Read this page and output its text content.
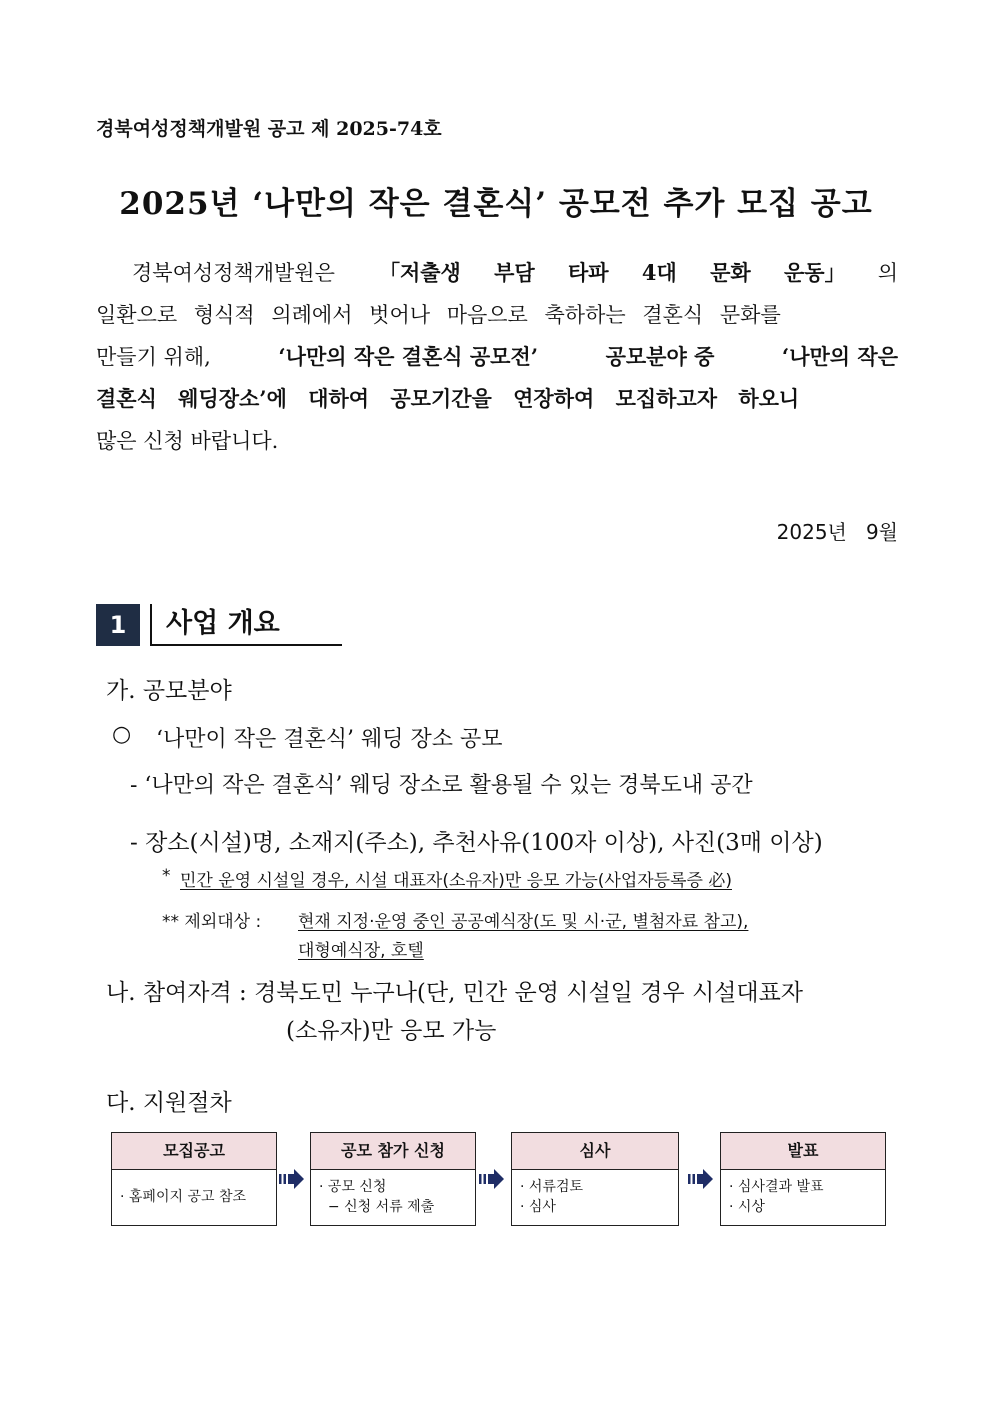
경북여성정책개발원 공고 제 2025-74호
2025년 ‘나만의 작은 결혼식’ 공모전 추가 모집 공고
경북여성정책개발원은 「저출생 부담 타파 4대 문화 운동」 의
일환으로 형식적 의례에서 벗어나 마음으로 축하하는 결혼식 문화를
만들기 위해,	‘나만의 작은 결혼식 공모전’	공모분야 중	‘나만의 작은
결혼식 웨딩장소’에 대하여 공모기간을 연장하여 모집하고자 하오니
많은 신청 바랍니다.
2025년   9월
1	사업 개요
가. 공모분야
○ ‘나만이 작은 결혼식’ 웨딩 장소 공모
- ‘나만의 작은 결혼식’ 웨딩 장소로 활용될 수 있는 경북도내 공간
- 장소(시설)명, 소재지(주소), 추천사유(100자 이상), 사진(3매 이상)
* 민간 운영 시설일 경우, 시설 대표자(소유자)만 응모 가능(사업자등록증 必)
** 제외대상 : 현재 지정·운영 중인 공공예식장(도 및 시·군, 별첨자료 참고),
대형예식장, 호텔
나. 참여자격 : 경북도민 누구나(단, 민간 운영 시설일 경우 시설대표자
(소유자)만 응모 가능
다. 지원절차
모집공고
· 홈페이지 공고 참조
공모 참가 신청
· 공모 신청
− 신청 서류 제출
심사
· 서류검토
· 심사
발표
· 심사결과 발표
· 시상
